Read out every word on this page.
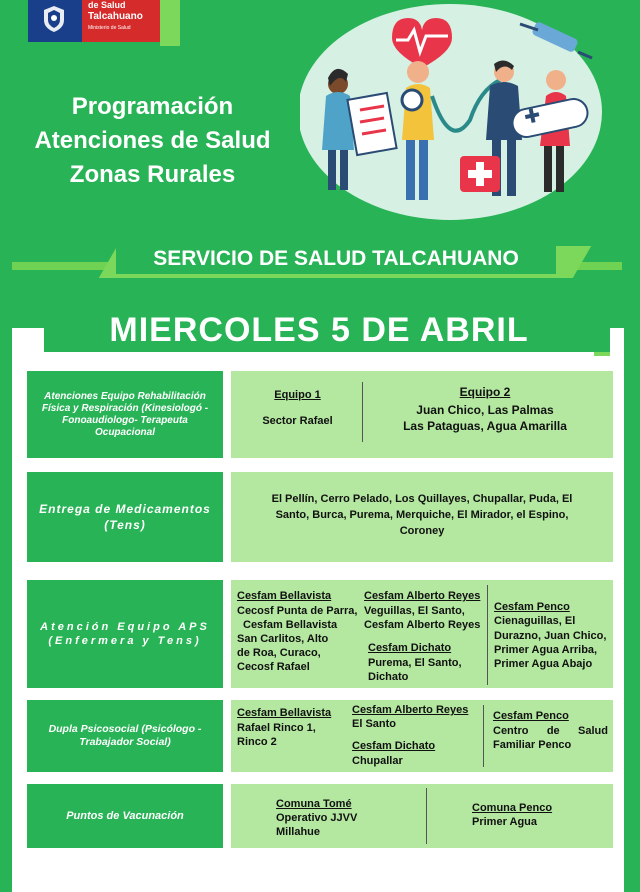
de Salud
Talcahuano
Ministerio de Salud
Programación
Atenciones de Salud
Zonas Rurales
SERVICIO DE SALUD TALCAHUANO
MIERCOLES 5 DE ABRIL
Atenciones Equipo Rehabilitación Física y Respiración (Kinesiologó - Fonoaudiologo- Terapeuta Ocupacional
Equipo 1
Sector Rafael
Equipo 2
Juan Chico, Las Palmas
Las Pataguas, Agua Amarilla
Entrega de Medicamentos (Tens)
El Pellín, Cerro Pelado, Los Quillayes, Chupallar, Puda, El
Santo, Burca, Purema, Merquiche, El Mirador, el Espino,
Coroney
Atención Equipo APS (Enfermera y Tens)
Cesfam Bellavista
Cecosf Punta de Parra,
Cesfam Bellavista
San Carlitos, Alto
de Roa, Curaco,
Cecosf Rafael
Cesfam Alberto Reyes
Veguillas, El Santo,
Cesfam Alberto Reyes
Cesfam Dichato
Purema, El Santo,
Dichato
Cesfam Penco
Cienaguillas, El
Durazno, Juan Chico,
Primer Agua Arriba,
Primer Agua Abajo
Dupla Psicosocial (Psicólogo - Trabajador Social)
Cesfam Bellavista
Rafael Rinco 1,
Rinco 2
Cesfam Alberto Reyes
El Santo
Cesfam Dichato
Chupallar
Cesfam Penco
Centro de Salud
Familiar Penco
Puntos de Vacunación
Comuna Tomé
Operativo JJVV
Millahue
Comuna Penco
Primer Agua
